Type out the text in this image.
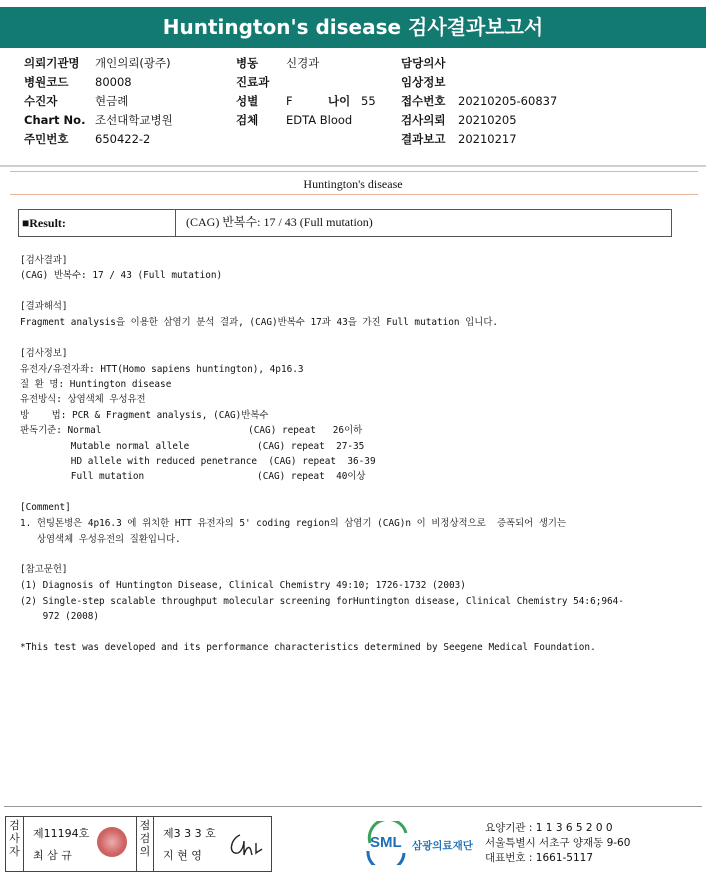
Huntington's disease 검사결과보고서
의뢰기관명 개인의뢰(광주)
병원코드 80008
수진자	현금례
Chart No. 조선대학교병원
주민번호 650422-2
병동 신경과
진료과
성별 F	나이 55
검체 EDTA Blood
담당의사
임상정보
접수번호 20210205-60837
검사의뢰 20210205
결과보고 20210217
Huntington's disease
■Result:	(CAG) 반복수: 17 / 43 (Full mutation)
[검사결과]
(CAG) 반복수: 17 / 43 (Full mutation)
[결과해석]
Fragment analysis을 이용한 삼염기 분석 결과, (CAG)반복수 17과 43을 가진 Full mutation 입니다.
[검사정보]
유전자/유전자좌: HTT(Homo sapiens huntington), 4p16.3
질 환 명: Huntington disease
유전방식: 상염색체 우성유전
방    법: PCR & Fragment analysis, (CAG)반복수
판독기준: Normal                          (CAG) repeat   26이하
Mutable normal allele            (CAG) repeat  27-35
HD allele with reduced penetrance  (CAG) repeat  36-39
Full mutation                    (CAG) repeat  40이상
[Comment]
1. 헌팅톤병은 4p16.3 에 위치한 HTT 유전자의 5' coding region의 삼염기 (CAG)n 이 비정상적으로  증폭되어 생기는
상염색체 우성유전의 질환입니다.
[참고문헌]
(1) Diagnosis of Huntington Disease, Clinical Chemistry 49:10; 1726-1732 (2003)
(2) Single-step scalable throughput molecular screening forHuntington disease, Clinical Chemistry 54:6;964-
972 (2008)
*This test was developed and its performance characteristics determined by Seegene Medical Foundation.
검사자
제11194호
최 삼 규
점검의
제3 3 3 호
지 현 영
SML 삼광의료재단
요양기관 : 1 1 3 6 5 2 0 0
서울특별시 서초구 양재동 9-60
대표번호 : 1661-5117
